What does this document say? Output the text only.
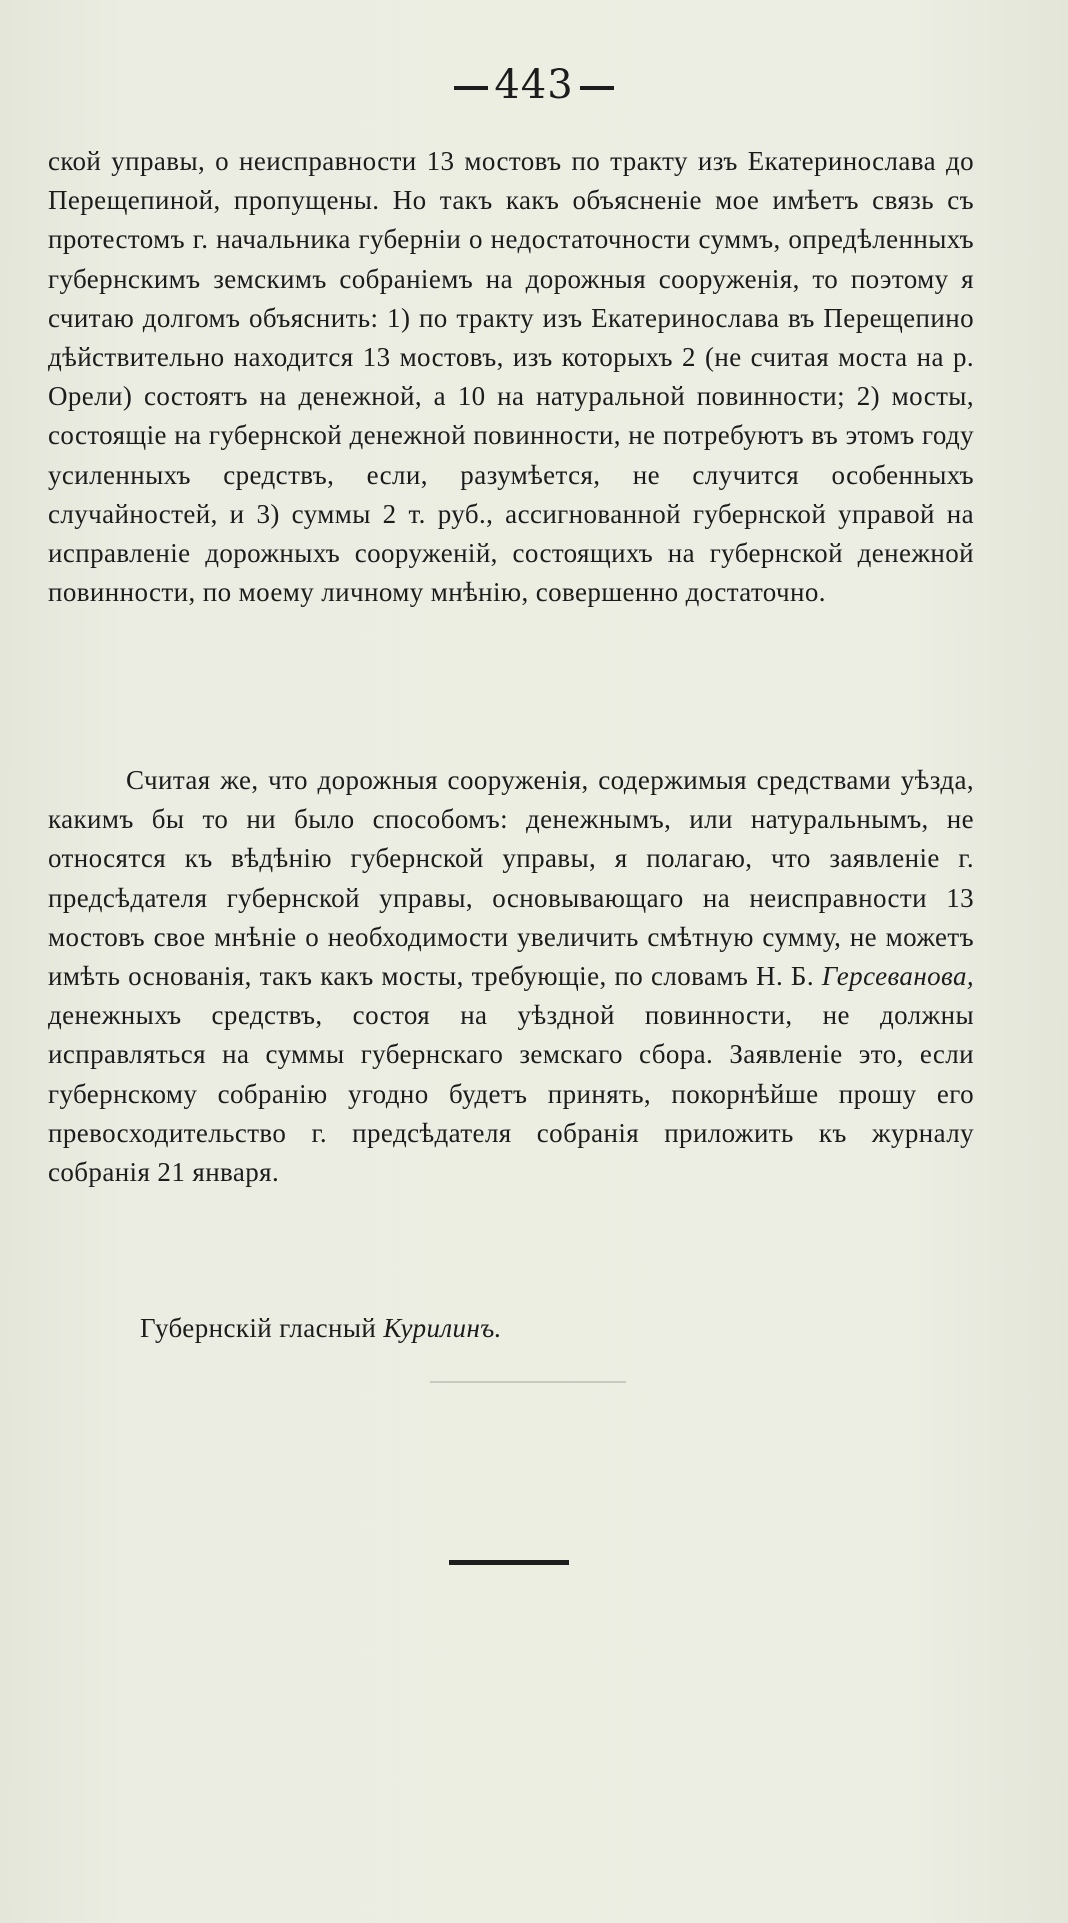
443

ской управы, о неисправности 13 мостовъ по тракту изъ Екатеринослава до Перещепиной, пропущены. Но такъ какъ объясненіе мое имѣетъ связь съ протестомъ г. начальника губерніи о недостаточности суммъ, опредѣленныхъ губернскимъ земскимъ собраніемъ на дорожныя сооруженія, то поэтому я считаю долгомъ объяснить: 1) по тракту изъ Екатеринослава въ Перещепино дѣйствительно находится 13 мостовъ, изъ которыхъ 2 (не считая моста на р. Орели) состоятъ на денежной, а 10 на натуральной повинности; 2) мосты, состоящіе на губернской денежной повинности, не потребуютъ въ этомъ году усиленныхъ средствъ, если, разумѣется, не случится особенныхъ случайностей, и 3) суммы 2 т. руб., ассигнованной губернской управой на исправленіе дорожныхъ сооруженій, состоящихъ на губернской денежной повинности, по моему личному мнѣнію, совершенно достаточно.

Считая же, что дорожныя сооруженія, содержимыя средствами уѣзда, какимъ бы то ни было способомъ: денежнымъ, или натуральнымъ, не относятся къ вѣдѣнію губернской управы, я полагаю, что заявленіе г. предсѣдателя губернской управы, основывающаго на неисправности 13 мостовъ свое мнѣніе о необходимости увеличить смѣтную сумму, не можетъ имѣть основанія, такъ какъ мосты, требующіе, по словамъ Н. Б. Герсеванова, денежныхъ средствъ, состоя на уѣздной повинности, не должны исправляться на суммы губернскаго земскаго сбора. Заявленіе это, если губернскому собранію угодно будетъ принять, покорнѣйше прошу его превосходительство г. предсѣдателя собранія приложить къ журналу собранія 21 января.

Губернскій гласный Курилинъ.
